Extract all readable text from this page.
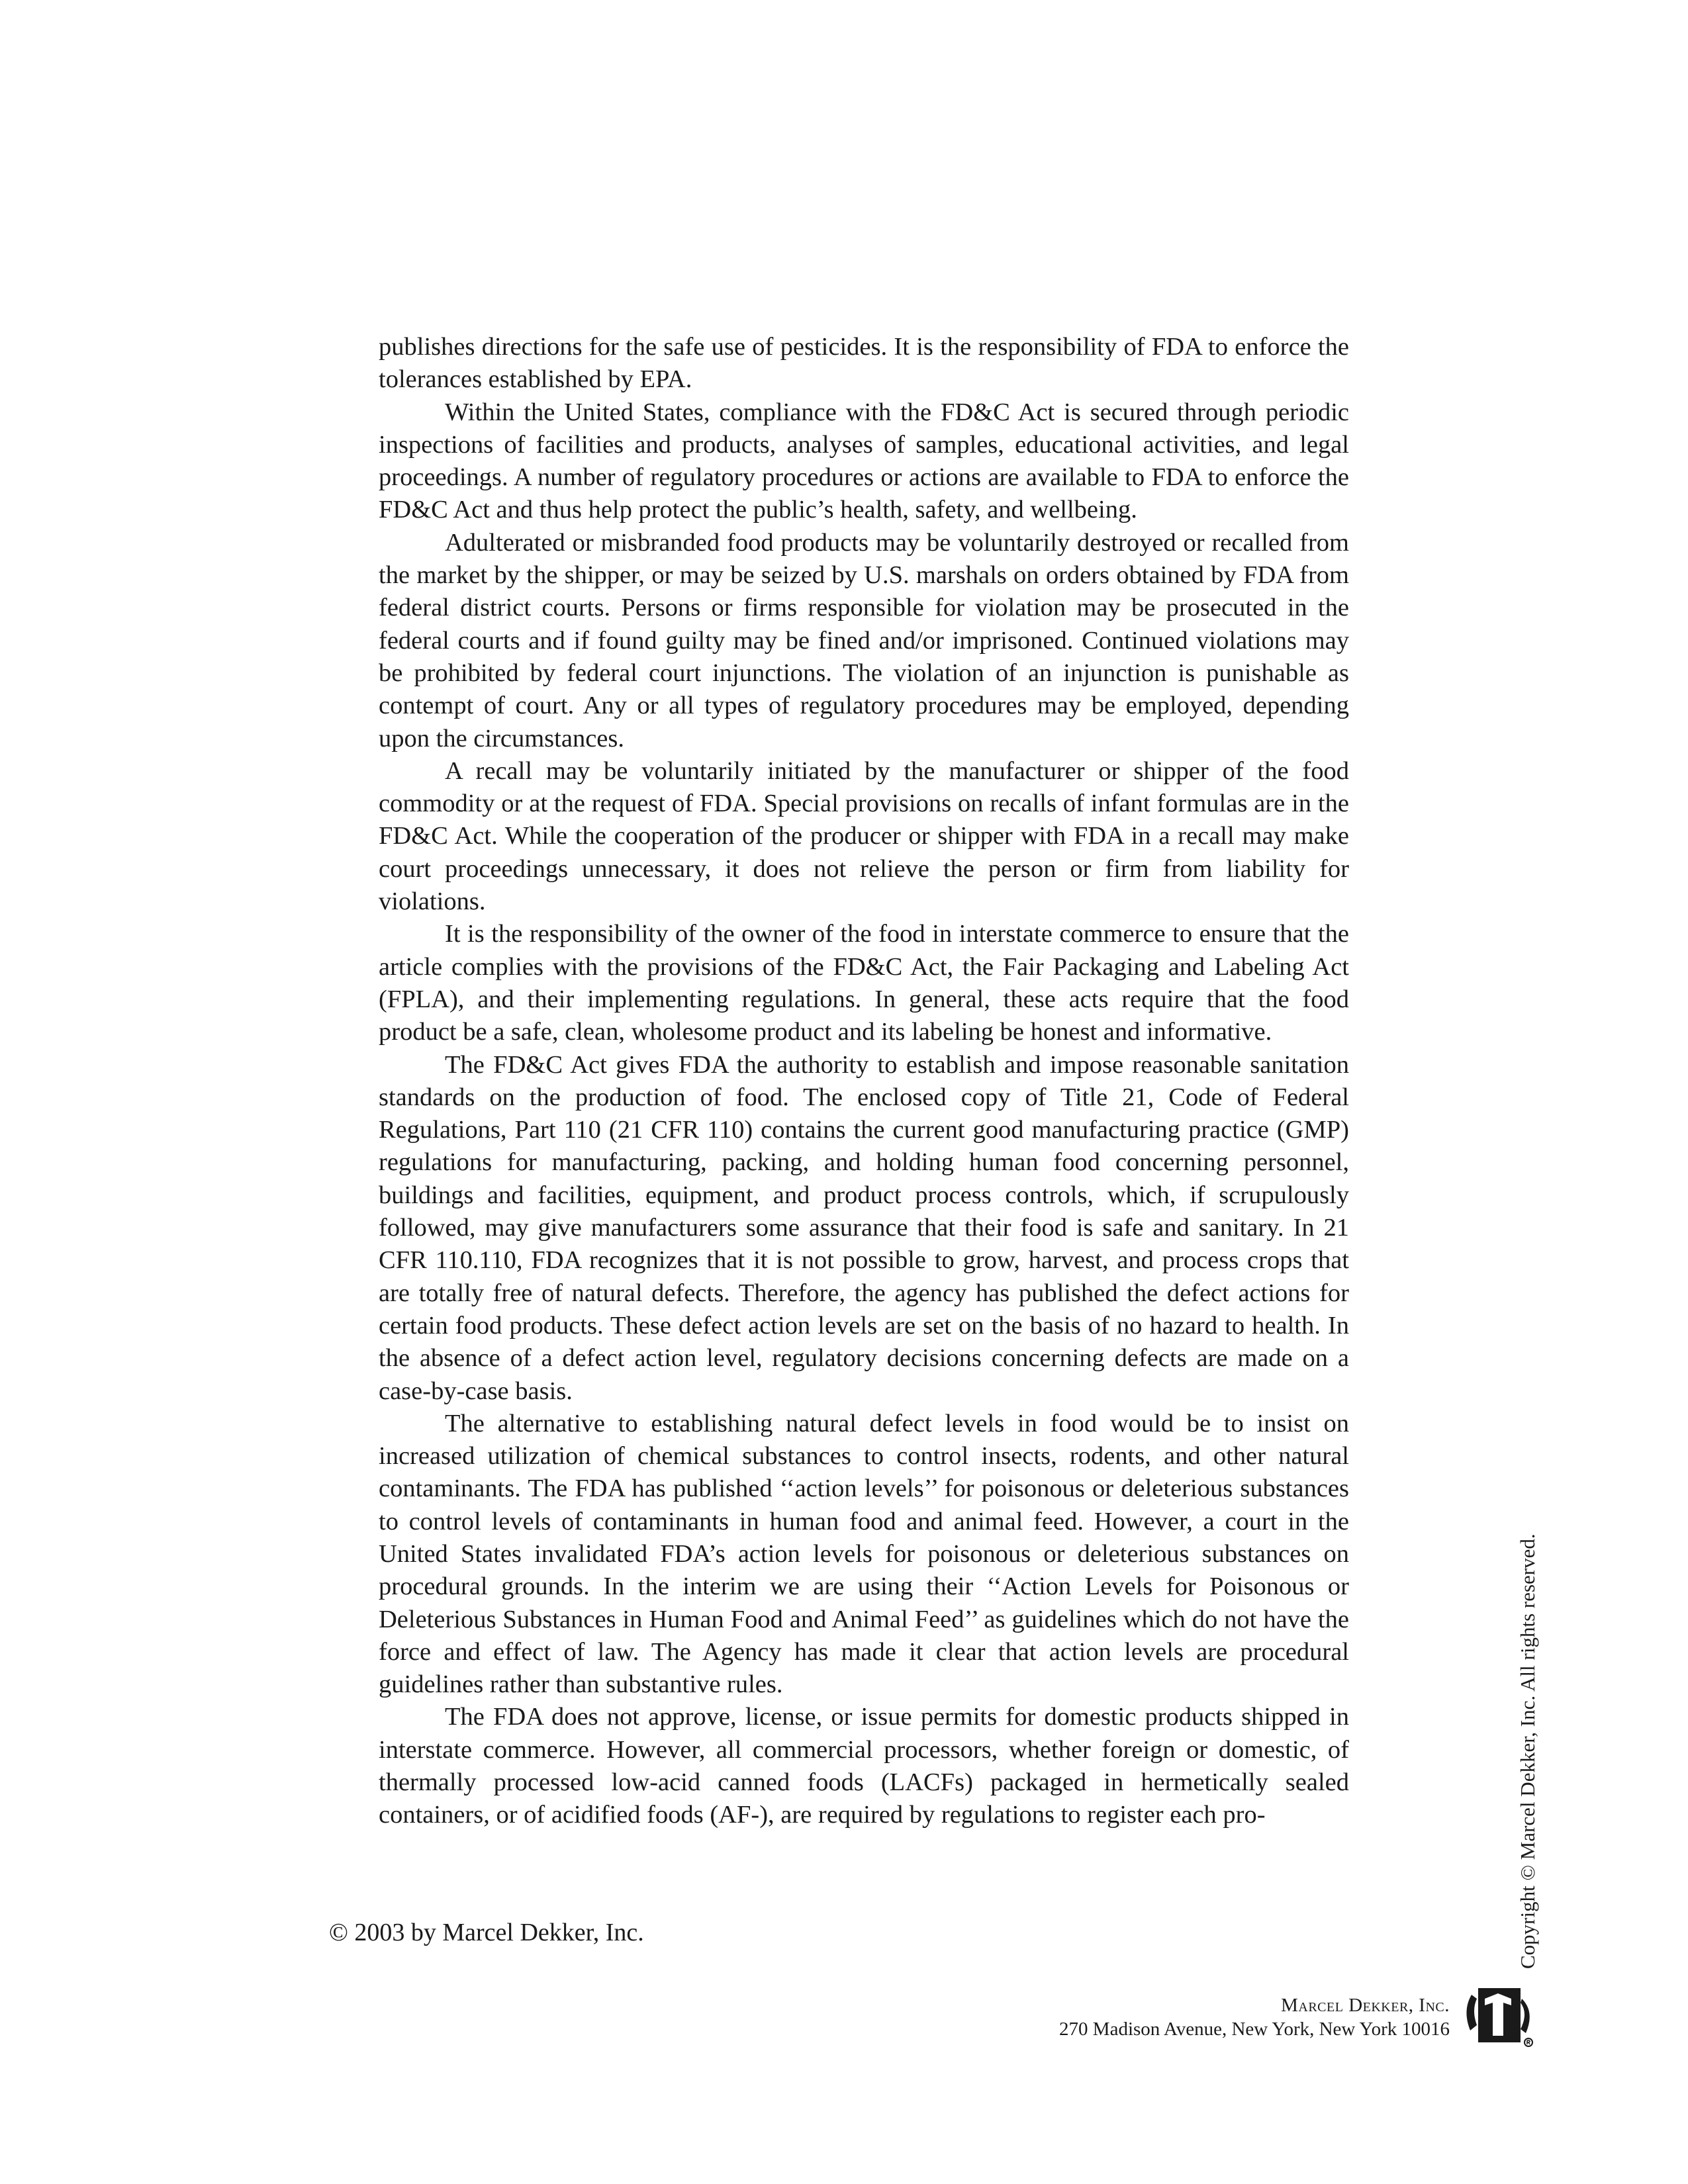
publishes directions for the safe use of pesticides. It is the responsibility of FDA to enforce the tolerances established by EPA.

Within the United States, compliance with the FD&C Act is secured through periodic inspections of facilities and products, analyses of samples, educational activities, and legal proceedings. A number of regulatory procedures or actions are available to FDA to enforce the FD&C Act and thus help protect the public’s health, safety, and wellbeing.

Adulterated or misbranded food products may be voluntarily destroyed or recalled from the market by the shipper, or may be seized by U.S. marshals on orders obtained by FDA from federal district courts. Persons or firms responsible for violation may be prosecuted in the federal courts and if found guilty may be fined and/or imprisoned. Continued violations may be prohibited by federal court injunctions. The violation of an injunction is punishable as contempt of court. Any or all types of regulatory procedures may be employed, depending upon the circumstances.

A recall may be voluntarily initiated by the manufacturer or shipper of the food commodity or at the request of FDA. Special provisions on recalls of infant formulas are in the FD&C Act. While the cooperation of the producer or shipper with FDA in a recall may make court proceedings unnecessary, it does not relieve the person or firm from liability for violations.

It is the responsibility of the owner of the food in interstate commerce to ensure that the article complies with the provisions of the FD&C Act, the Fair Packaging and Labeling Act (FPLA), and their implementing regulations. In general, these acts require that the food product be a safe, clean, wholesome product and its labeling be honest and informative.

The FD&C Act gives FDA the authority to establish and impose reasonable sanitation standards on the production of food. The enclosed copy of Title 21, Code of Federal Regulations, Part 110 (21 CFR 110) contains the current good manufacturing practice (GMP) regulations for manufacturing, packing, and holding human food concerning personnel, buildings and facilities, equipment, and product process controls, which, if scrupulously followed, may give manufacturers some assurance that their food is safe and sanitary. In 21 CFR 110.110, FDA recognizes that it is not possible to grow, harvest, and process crops that are totally free of natural defects. Therefore, the agency has published the defect actions for certain food products. These defect action levels are set on the basis of no hazard to health. In the absence of a defect action level, regulatory decisions concerning defects are made on a case-by-case basis.

The alternative to establishing natural defect levels in food would be to insist on increased utilization of chemical substances to control insects, rodents, and other natural contaminants. The FDA has published ‘‘action levels’’ for poisonous or deleterious substances to control levels of contaminants in human food and animal feed. However, a court in the United States invalidated FDA’s action levels for poisonous or deleterious substances on procedural grounds. In the interim we are using their ‘‘Action Levels for Poisonous or Deleterious Substances in Human Food and Animal Feed’’ as guidelines which do not have the force and effect of law. The Agency has made it clear that action levels are procedural guidelines rather than substantive rules.

The FDA does not approve, license, or issue permits for domestic products shipped in interstate commerce. However, all commercial processors, whether foreign or domestic, of thermally processed low-acid canned foods (LACFs) packaged in hermetically sealed containers, or of acidified foods (AF-), are required by regulations to register each pro-

© 2003 by Marcel Dekker, Inc.	Copyright © Marcel Dekker, Inc. All rights reserved.
Marcel Dekker, Inc.
270 Madison Avenue, New York, New York 10016
